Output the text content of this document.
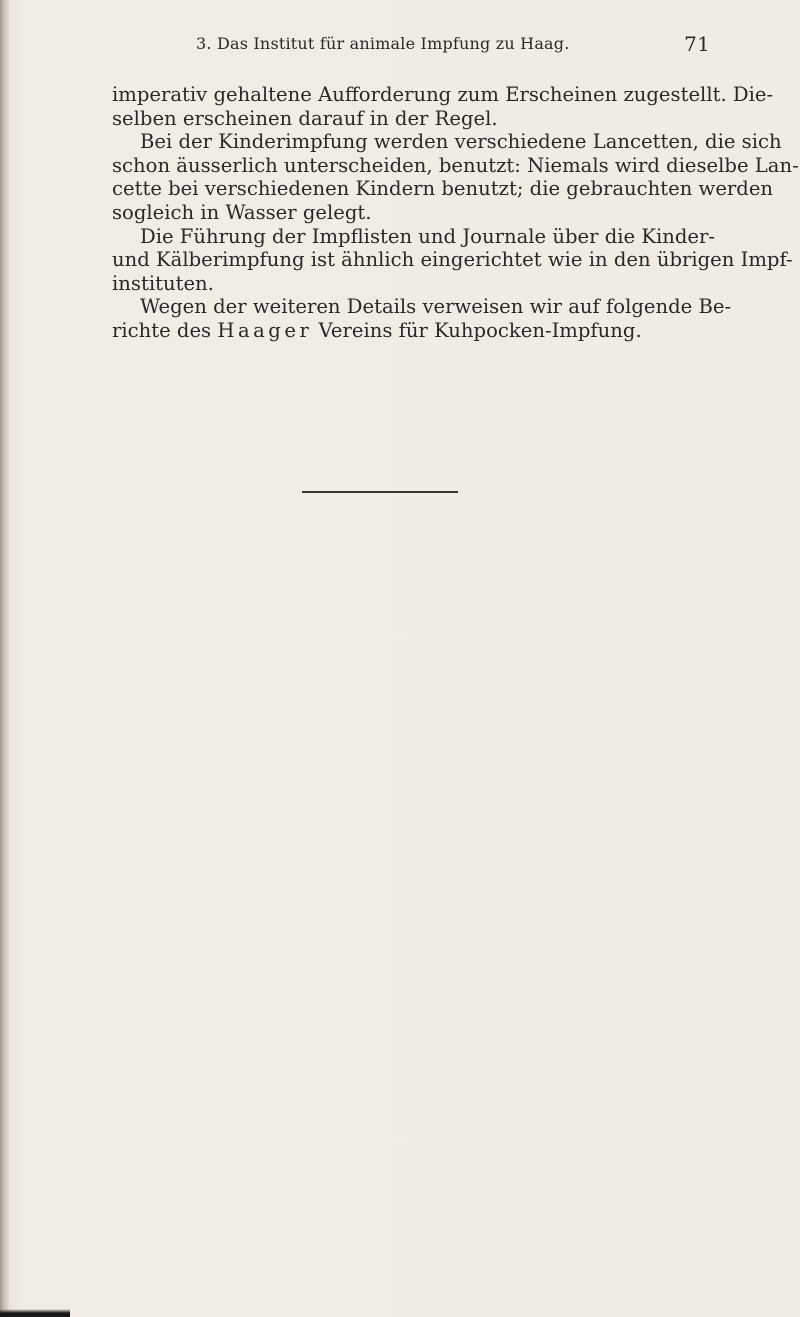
3. Das Institut für animale Impfung zu Haag.	71
imperativ gehaltene Aufforderung zum Erscheinen zugestellt. Die-
selben erscheinen darauf in der Regel.
Bei der Kinderimpfung werden verschiedene Lancetten, die sich
schon äusserlich unterscheiden, benutzt: Niemals wird dieselbe Lan-
cette bei verschiedenen Kindern benutzt; die gebrauchten werden
sogleich in Wasser gelegt.
Die Führung der Impflisten und Journale über die Kinder-
und Kälberimpfung ist ähnlich eingerichtet wie in den übrigen Impf-
instituten.
Wegen der weiteren Details verweisen wir auf folgende Be-
richte des Haager Vereins für Kuhpocken-Impfung.
